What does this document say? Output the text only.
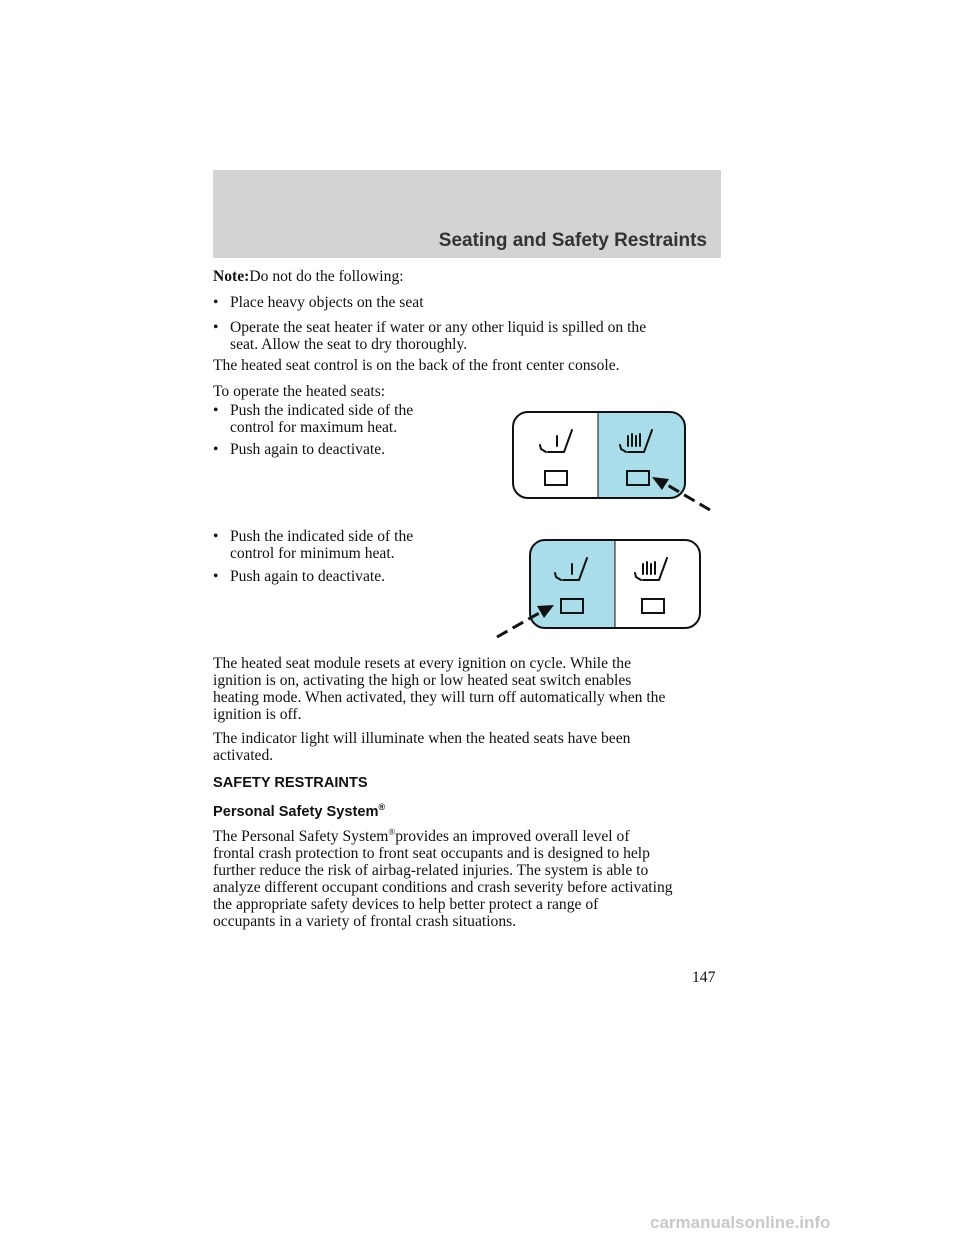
Seating and Safety Restraints

Note:Do not do the following:

• Place heavy objects on the seat
• Operate the seat heater if water or any other liquid is spilled on the
seat. Allow the seat to dry thoroughly.

The heated seat control is on the back of the front center console.

To operate the heated seats:

• Push the indicated side of the
control for maximum heat.
• Push again to deactivate.
• Push the indicated side of the
control for minimum heat.
• Push again to deactivate.

The heated seat module resets at every ignition on cycle. While the

ignition is on, activating the high or low heated seat switch enables

heating mode. When activated, they will turn off automatically when the

ignition is off.

The indicator light will illuminate when the heated seats have been

activated.

SAFETY RESTRAINTS
Personal Safety System®

The Personal Safety System®provides an improved overall level of

frontal crash protection to front seat occupants and is designed to help

further reduce the risk of airbag-related injuries. The system is able to

analyze different occupant conditions and crash severity before activating

the appropriate safety devices to help better protect a range of

occupants in a variety of frontal crash situations.

147
carmanualsonline.info
